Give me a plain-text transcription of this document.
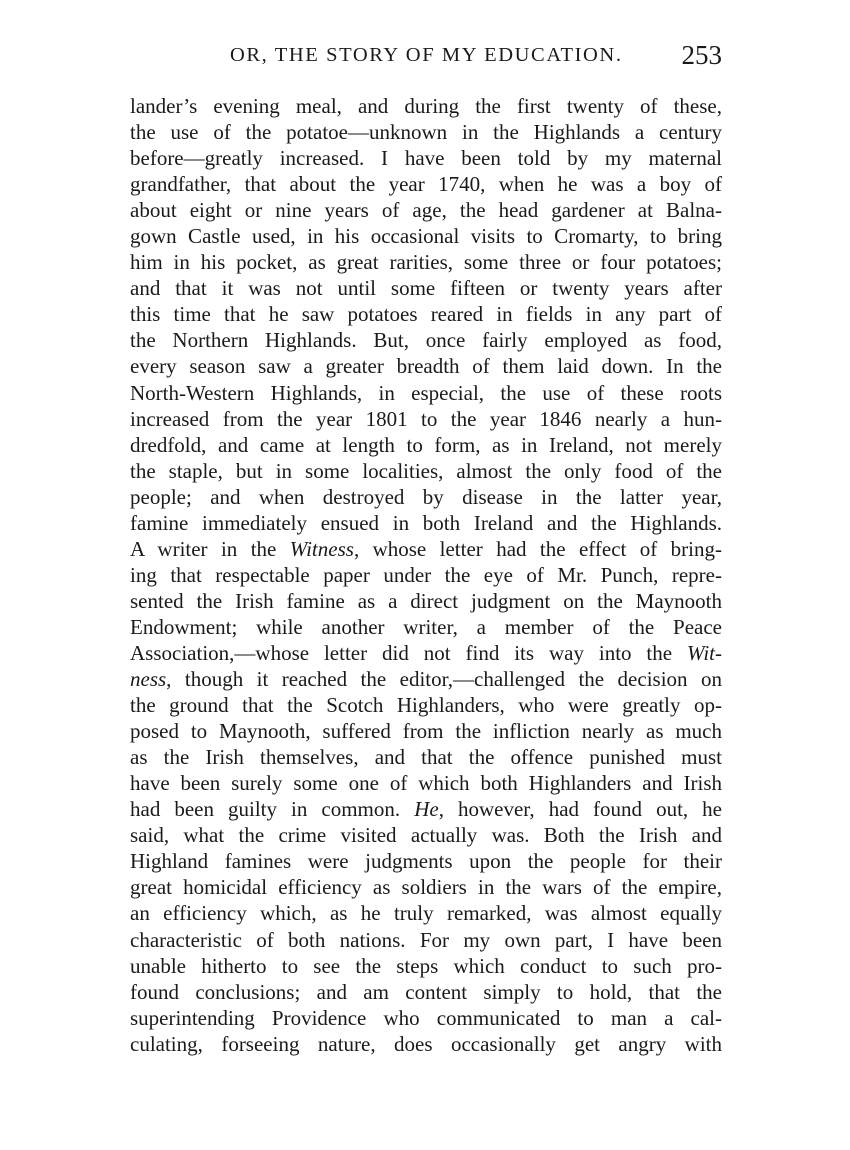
OR, THE STORY OF MY EDUCATION. 253
lander’s evening meal, and during the first twenty of these,
the use of the potatoe—unknown in the Highlands a century
before—greatly increased. I have been told by my maternal
grandfather, that about the year 1740, when he was a boy of
about eight or nine years of age, the head gardener at Balna-
gown Castle used, in his occasional visits to Cromarty, to bring
him in his pocket, as great rarities, some three or four potatoes;
and that it was not until some fifteen or twenty years after
this time that he saw potatoes reared in fields in any part of
the Northern Highlands. But, once fairly employed as food,
every season saw a greater breadth of them laid down. In the
North-Western Highlands, in especial, the use of these roots
increased from the year 1801 to the year 1846 nearly a hun-
dredfold, and came at length to form, as in Ireland, not merely
the staple, but in some localities, almost the only food of the
people; and when destroyed by disease in the latter year,
famine immediately ensued in both Ireland and the Highlands.
A writer in the Witness, whose letter had the effect of bring-
ing that respectable paper under the eye of Mr. Punch, repre-
sented the Irish famine as a direct judgment on the Maynooth
Endowment; while another writer, a member of the Peace
Association,—whose letter did not find its way into the Wit-
ness, though it reached the editor,—challenged the decision on
the ground that the Scotch Highlanders, who were greatly op-
posed to Maynooth, suffered from the infliction nearly as much
as the Irish themselves, and that the offence punished must
have been surely some one of which both Highlanders and Irish
had been guilty in common. He, however, had found out, he
said, what the crime visited actually was. Both the Irish and
Highland famines were judgments upon the people for their
great homicidal efficiency as soldiers in the wars of the empire,
an efficiency which, as he truly remarked, was almost equally
characteristic of both nations. For my own part, I have been
unable hitherto to see the steps which conduct to such pro-
found conclusions; and am content simply to hold, that the
superintending Providence who communicated to man a cal-
culating, forseeing nature, does occasionally get angry with
